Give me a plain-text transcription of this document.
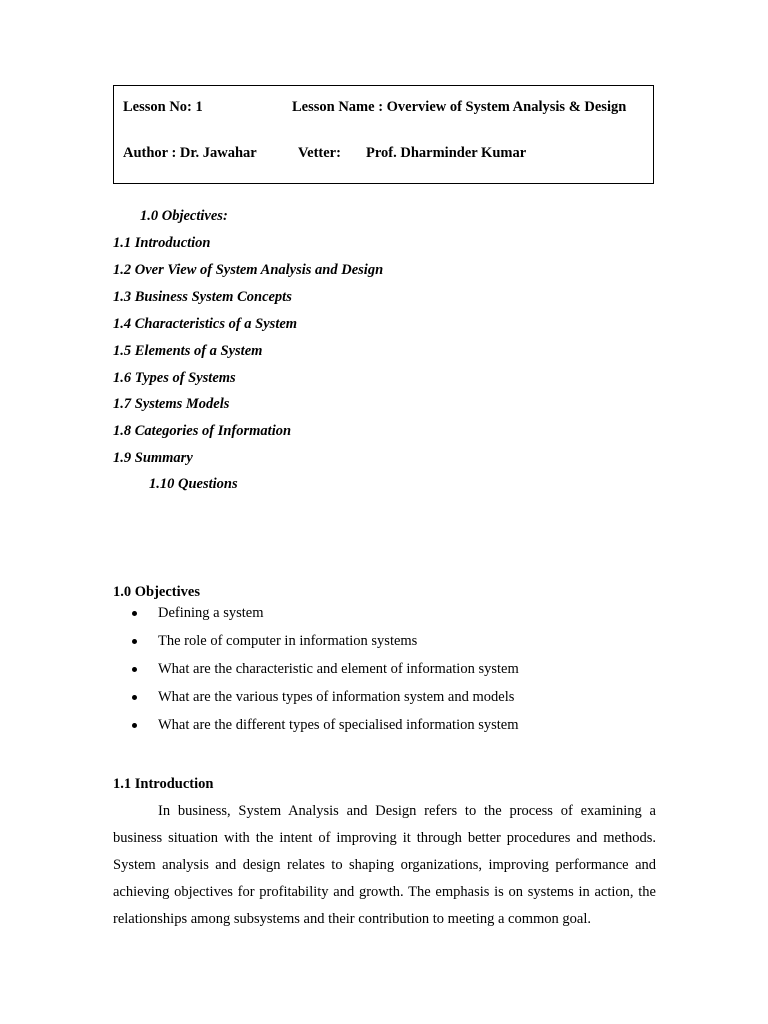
Lesson No: 1	Lesson Name : Overview of System Analysis & Design
Author : Dr. Jawahar	Vetter: Prof. Dharminder Kumar
1.0 Objectives:
1.1 Introduction
1.2 Over View of System Analysis and Design
1.3 Business System Concepts
1.4 Characteristics of a System
1.5 Elements of a System
1.6 Types of Systems
1.7 Systems Models
1.8 Categories of Information
1.9 Summary
1.10 Questions
1.0 Objectives
Defining a system
The role of computer in information systems
What are the characteristic and element of information system
What are the various types of information system and models
What are the different types of specialised information system
1.1 Introduction

In business, System Analysis and Design refers to the process of examining a business situation with the intent of improving it through better procedures and methods. System analysis and design relates to shaping organizations, improving performance and achieving objectives for profitability and growth. The emphasis is on systems in action, the relationships among subsystems and their contribution to meeting a common goal.
